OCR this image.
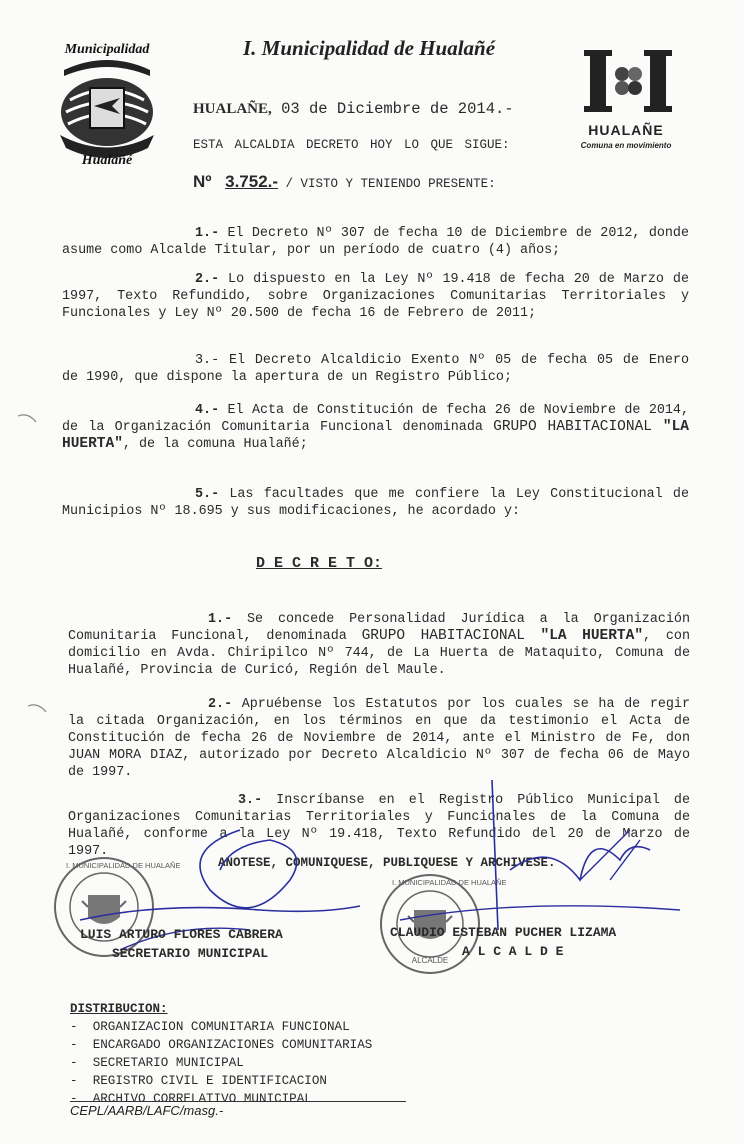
Municipalidad
Hualañé
I. Municipalidad de Hualañé
HUALAÑE
Comuna en movimiento
HUALAÑE, 03 de Diciembre de 2014.-
ESTA ALCALDIA DECRETO HOY LO QUE SIGUE:
Nº 3.752.- / VISTO Y TENIENDO PRESENTE:
1.- El Decreto Nº 307 de fecha 10 de Diciembre de 2012, donde asume como Alcalde Titular, por un período de cuatro (4) años;
2.- Lo dispuesto en la Ley Nº 19.418 de fecha 20 de Marzo de 1997, Texto Refundido, sobre Organizaciones Comunitarias Territoriales y Funcionales y Ley Nº 20.500 de fecha 16 de Febrero de 2011;
3.- El Decreto Alcaldicio Exento Nº 05 de fecha 05 de Enero de 1990, que dispone la apertura de un Registro Público;
4.- El Acta de Constitución de fecha 26 de Noviembre de 2014, de la Organización Comunitaria Funcional denominada GRUPO HABITACIONAL "LA HUERTA", de la comuna Hualañé;
5.- Las facultades que me confiere la Ley Constitucional de Municipios Nº 18.695 y sus modificaciones, he acordado y:
D E C R E T O:
1.- Se concede Personalidad Jurídica a la Organización Comunitaria Funcional, denominada GRUPO HABITACIONAL "LA HUERTA", con domicilio en Avda. Chiripilco Nº 744, de La Huerta de Mataquito, Comuna de Hualañé, Provincia de Curicó, Región del Maule.
2.- Apruébense los Estatutos por los cuales se ha de regir la citada Organización, en los términos en que da testimonio el Acta de Constitución de fecha 26 de Noviembre de 2014, ante el Ministro de Fe, don JUAN MORA DIAZ, autorizado por Decreto Alcaldicio Nº 307 de fecha 06 de Mayo de 1997.
3.- Inscríbanse en el Registro Público Municipal de Organizaciones Comunitarias Territoriales y Funcionales de la Comuna de Hualañé, conforme a la Ley Nº 19.418, Texto Refundido del 20 de Marzo de 1997.
ANOTESE, COMUNIQUESE, PUBLIQUESE Y ARCHIVESE.
I. MUNICIPALIDAD DE HUALAÑE
I. MUNICIPALIDAD DE HUALAÑE
ALCALDE
LUIS ARTURO FLORES CABRERA
SECRETARIO MUNICIPAL
CLAUDIO ESTEBAN PUCHER LIZAMA
A L C A L D E
DISTRIBUCION:
-  ORGANIZACION COMUNITARIA FUNCIONAL
-  ENCARGADO ORGANIZACIONES COMUNITARIAS
-  SECRETARIO MUNICIPAL
-  REGISTRO CIVIL E IDENTIFICACION
-  ARCHIVO CORRELATIVO MUNICIPAL
CEPL/AARB/LAFC/masg.-
